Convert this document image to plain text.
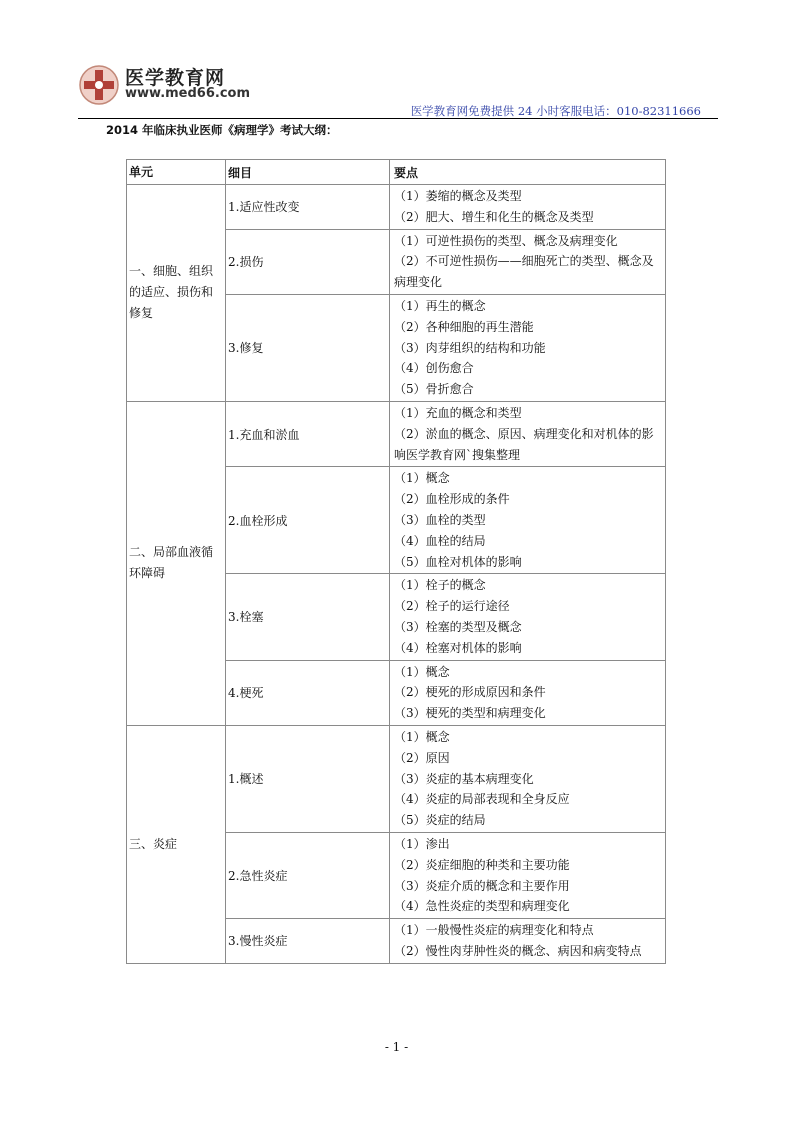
医学教育网
www.med66.com
医学教育网免费提供 24 小时客服电话：010-82311666
2014 年临床执业医师《病理学》考试大纲：
单元	细目	要点
一、细胞、组织的适应、损伤和修复	1.适应性改变	（1）萎缩的概念及类型
（2）肥大、增生和化生的概念及类型

	2.损伤	（1）可逆性损伤的类型、概念及病理变化
（2）不可逆性损伤——细胞死亡的类型、概念及病理变化

	3.修复	（1）再生的概念
（2）各种细胞的再生潜能
（3）肉芽组织的结构和功能
（4）创伤愈合
（5）骨折愈合

二、局部血液循环障碍	1.充血和淤血	（1）充血的概念和类型
（2）淤血的概念、原因、病理变化和对机体的影响医学教育网`搜集整理

	2.血栓形成	（1）概念
（2）血栓形成的条件
（3）血栓的类型
（4）血栓的结局
（5）血栓对机体的影响

	3.栓塞	（1）栓子的概念
（2）栓子的运行途径
（3）栓塞的类型及概念
（4）栓塞对机体的影响

	4.梗死	（1）概念
（2）梗死的形成原因和条件
（3）梗死的类型和病理变化

三、炎症	1.概述	（1）概念
（2）原因
（3）炎症的基本病理变化
（4）炎症的局部表现和全身反应
（5）炎症的结局

	2.急性炎症	（1）渗出
（2）炎症细胞的种类和主要功能
（3）炎症介质的概念和主要作用
（4）急性炎症的类型和病理变化

	3.慢性炎症	（1）一般慢性炎症的病理变化和特点
（2）慢性肉芽肿性炎的概念、病因和病变特点
- 1 -
